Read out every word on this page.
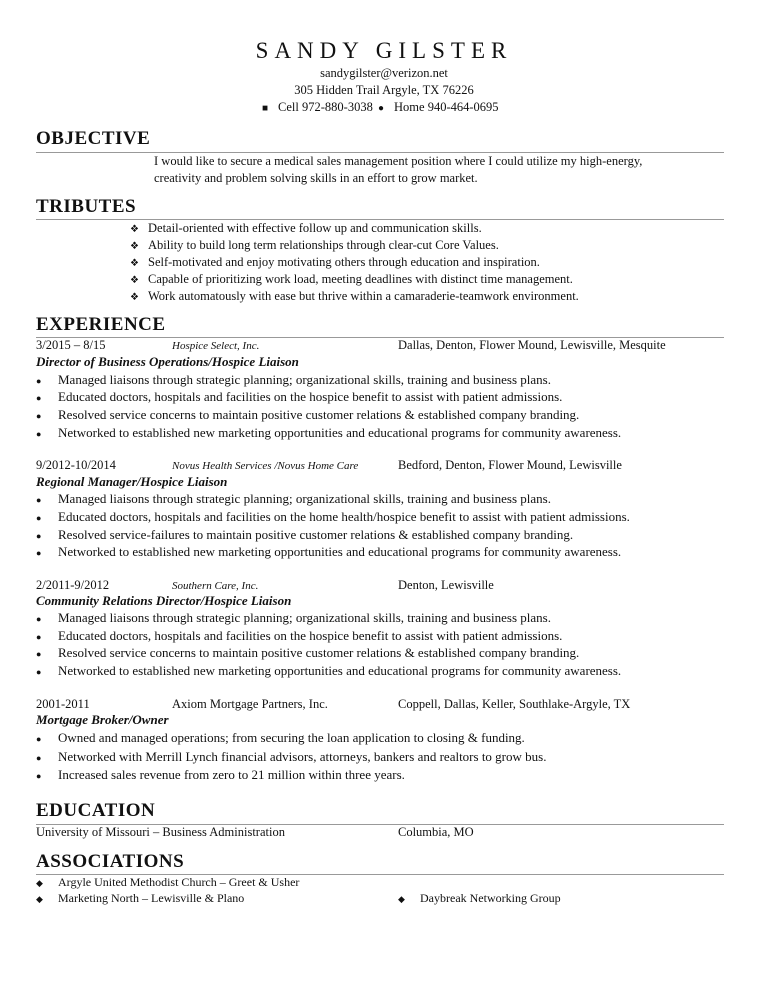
SANDY GILSTER
sandygilster@verizon.net
305 Hidden Trail Argyle, TX 76226
■ Cell 972-880-3038 ● Home 940-464-0695
OBJECTIVE
I would like to secure a medical sales management position where I could utilize my high-energy,
creativity and problem solving skills in an effort to grow market.
TRIBUTES
❖ Detail-oriented with effective follow up and communication skills.
❖ Ability to build long term relationships through clear-cut Core Values.
❖ Self-motivated and enjoy motivating others through education and inspiration.
❖ Capable of prioritizing work load, meeting deadlines with distinct time management.
❖ Work automatously with ease but thrive within a camaraderie-teamwork environment.
EXPERIENCE
3/2015 – 8/15	Hospice Select, Inc.	Dallas, Denton, Flower Mound, Lewisville, Mesquite
Director of Business Operations/Hospice Liaison
● Managed liaisons through strategic planning; organizational skills, training and business plans.
● Educated doctors, hospitals and facilities on the hospice benefit to assist with patient admissions.
● Resolved service concerns to maintain positive customer relations & established company branding.
● Networked to established new marketing opportunities and educational programs for community awareness.
9/2012-10/2014	Novus Health Services /Novus Home Care	Bedford, Denton, Flower Mound, Lewisville
Regional Manager/Hospice Liaison
● Managed liaisons through strategic planning; organizational skills, training and business plans.
● Educated doctors, hospitals and facilities on the home health/hospice benefit to assist with patient admissions.
● Resolved service-failures to maintain positive customer relations & established company branding.
● Networked to established new marketing opportunities and educational programs for community awareness.
2/2011-9/2012	Southern Care, Inc.	Denton, Lewisville
Community Relations Director/Hospice Liaison
● Managed liaisons through strategic planning; organizational skills, training and business plans.
● Educated doctors, hospitals and facilities on the hospice benefit to assist with patient admissions.
● Resolved service concerns to maintain positive customer relations & established company branding.
● Networked to established new marketing opportunities and educational programs for community awareness.
2001-2011	Axiom Mortgage Partners, Inc.	Coppell, Dallas, Keller, Southlake-Argyle, TX
Mortgage Broker/Owner
● Owned and managed operations; from securing the loan application to closing & funding.
● Networked with Merrill Lynch financial advisors, attorneys, bankers and realtors to grow bus.
● Increased sales revenue from zero to 21 million within three years.
EDUCATION
University of Missouri – Business Administration	Columbia, MO
ASSOCIATIONS
◆ Argyle United Methodist Church – Greet & Usher
◆ Marketing North – Lewisville & Plano	◆ Daybreak Networking Group
